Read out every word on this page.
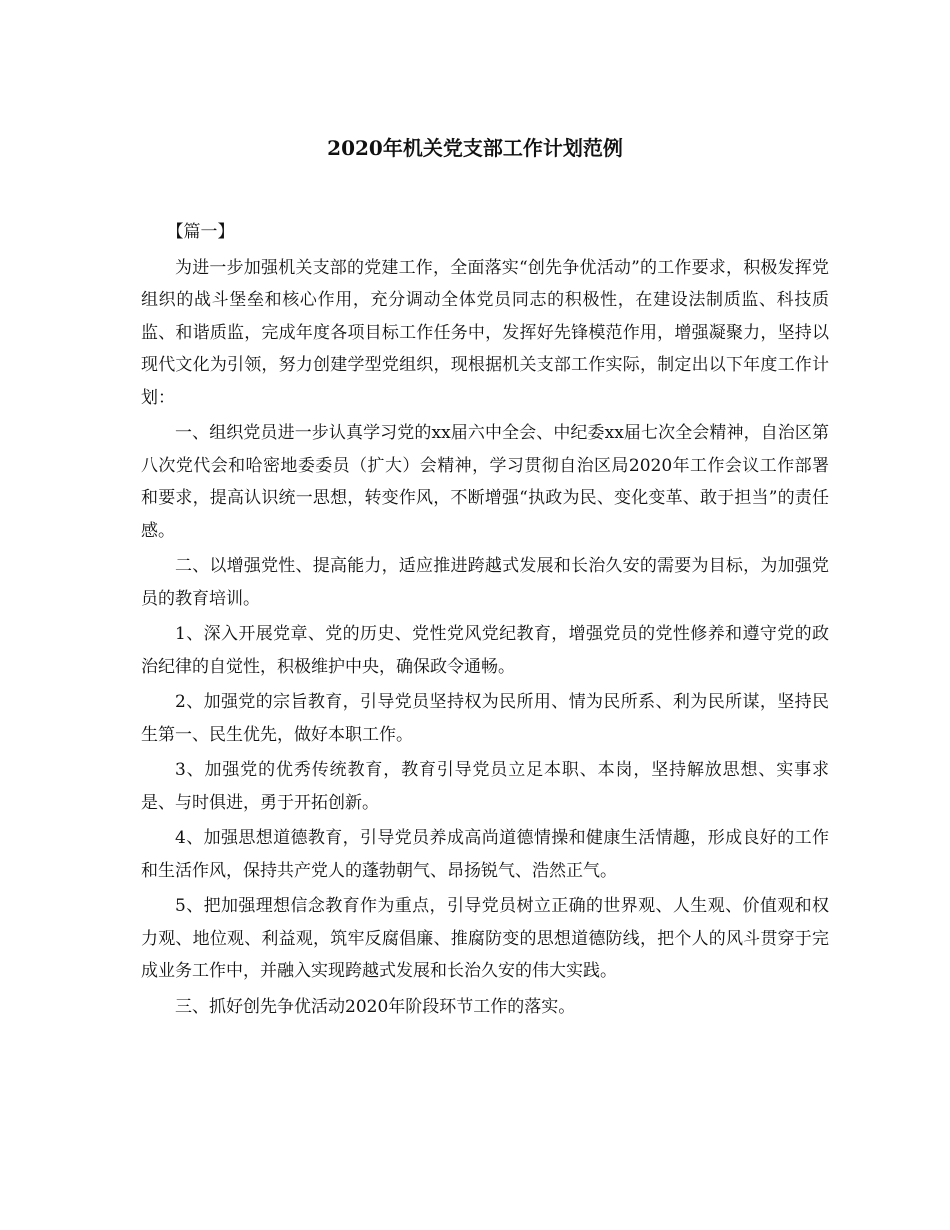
2020年机关党支部工作计划范例

【篇一】

为进一步加强机关支部的党建工作，全面落实“创先争优活动”的工作要求，积极发挥党组织的战斗堡垒和核心作用，充分调动全体党员同志的积极性，在建设法制质监、科技质监、和谐质监，完成年度各项目标工作任务中，发挥好先锋模范作用，增强凝聚力，坚持以现代文化为引领，努力创建学型党组织，现根据机关支部工作实际，制定出以下年度工作计划：

一、组织党员进一步认真学习党的xx届六中全会、中纪委xx届七次全会精神，自治区第八次党代会和哈密地委委员（扩大）会精神，学习贯彻自治区局2020年工作会议工作部署和要求，提高认识统一思想，转变作风，不断增强“执政为民、变化变革、敢于担当”的责任感。

二、以增强党性、提高能力，适应推进跨越式发展和长治久安的需要为目标，为加强党员的教育培训。

1、深入开展党章、党的历史、党性党风党纪教育，增强党员的党性修养和遵守党的政治纪律的自觉性，积极维护中央，确保政令通畅。

2、加强党的宗旨教育，引导党员坚持权为民所用、情为民所系、利为民所谋，坚持民生第一、民生优先，做好本职工作。

3、加强党的优秀传统教育，教育引导党员立足本职、本岗，坚持解放思想、实事求是、与时俱进，勇于开拓创新。

4、加强思想道德教育，引导党员养成高尚道德情操和健康生活情趣，形成良好的工作和生活作风，保持共产党人的蓬勃朝气、昂扬锐气、浩然正气。

5、把加强理想信念教育作为重点，引导党员树立正确的世界观、人生观、价值观和权力观、地位观、利益观，筑牢反腐倡廉、推腐防变的思想道德防线，把个人的风斗贯穿于完成业务工作中，并融入实现跨越式发展和长治久安的伟大实践。

三、抓好创先争优活动2020年阶段环节工作的落实。
